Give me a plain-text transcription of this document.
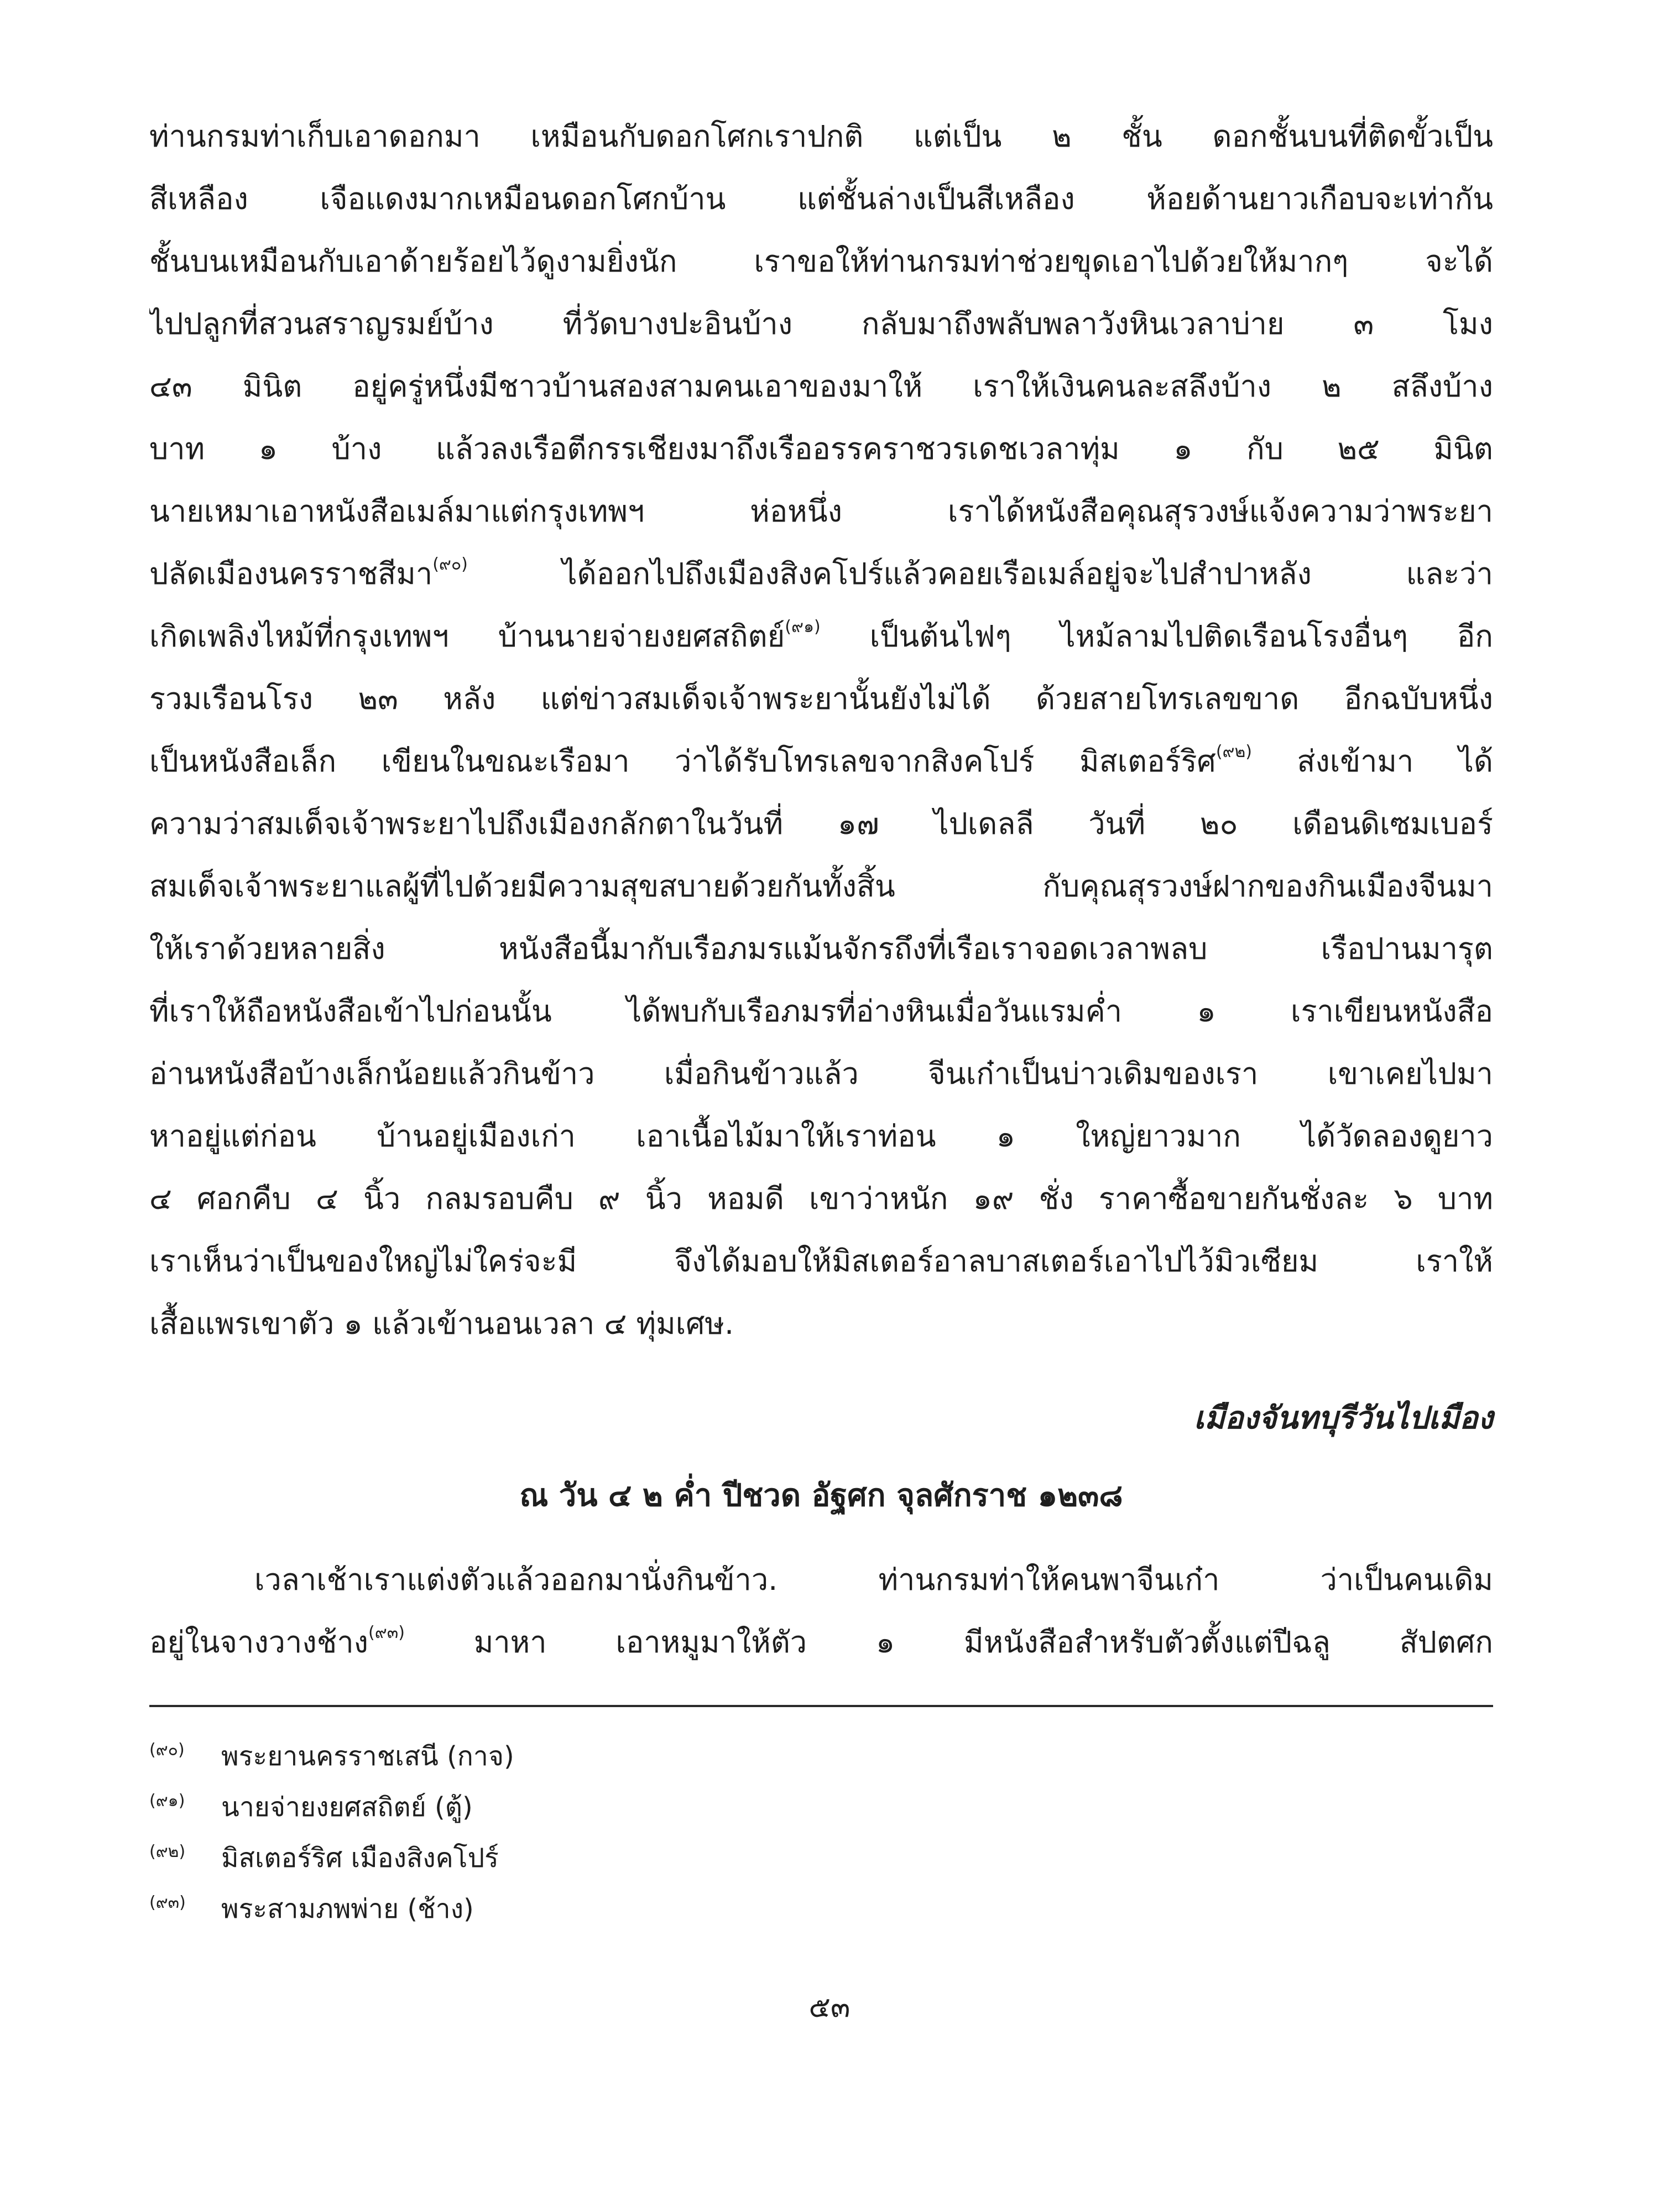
ท่านกรมท่าเก็บเอาดอกมา เหมือนกับดอกโศกเราปกติ แต่เป็น ๒ ชั้น ดอกชั้นบนที่ติดขั้วเป็น
สีเหลือง เจือแดงมากเหมือนดอกโศกบ้าน แต่ชั้นล่างเป็นสีเหลือง ห้อยด้านยาวเกือบจะเท่ากัน
ชั้นบนเหมือนกับเอาด้ายร้อยไว้ดูงามยิ่งนัก เราขอให้ท่านกรมท่าช่วยขุดเอาไปด้วยให้มากๆ จะได้
ไปปลูกที่สวนสราญรมย์บ้าง ที่วัดบางปะอินบ้าง กลับมาถึงพลับพลาวังหินเวลาบ่าย ๓ โมง
๔๓ มินิต อยู่ครู่หนึ่งมีชาวบ้านสองสามคนเอาของมาให้ เราให้เงินคนละสลึงบ้าง ๒ สลึงบ้าง
บาท ๑ บ้าง แล้วลงเรือตีกรรเชียงมาถึงเรืออรรคราชวรเดชเวลาทุ่ม ๑ กับ ๒๕ มินิต
นายเหมาเอาหนังสือเมล์มาแต่กรุงเทพฯ ห่อหนึ่ง เราได้หนังสือคุณสุรวงษ์แจ้งความว่าพระยา
ปลัดเมืองนครราชสีมา$^{(๙๐)}$ ได้ออกไปถึงเมืองสิงคโปร์แล้วคอยเรือเมล์อยู่จะไปสำปาหลัง และว่า
เกิดเพลิงไหม้ที่กรุงเทพฯ บ้านนายจ่ายงยศสถิตย์$^{(๙๑)}$ เป็นต้นไฟๆ ไหม้ลามไปติดเรือนโรงอื่นๆ อีก
รวมเรือนโรง ๒๓ หลัง แต่ข่าวสมเด็จเจ้าพระยานั้นยังไม่ได้ ด้วยสายโทรเลขขาด อีกฉบับหนึ่ง
เป็นหนังสือเล็ก เขียนในขณะเรือมา ว่าได้รับโทรเลขจากสิงคโปร์ มิสเตอร์ริศ$^{(๙๒)}$ ส่งเข้ามา ได้
ความว่าสมเด็จเจ้าพระยาไปถึงเมืองกลักตาในวันที่ ๑๗ ไปเดลลี วันที่ ๒๐ เดือนดิเซมเบอร์
สมเด็จเจ้าพระยาแลผู้ที่ไปด้วยมีความสุขสบายด้วยกันทั้งสิ้น กับคุณสุรวงษ์ฝากของกินเมืองจีนมา
ให้เราด้วยหลายสิ่ง หนังสือนี้มากับเรือภมรแม้นจักรถึงที่เรือเราจอดเวลาพลบ เรือปานมารุต
ที่เราให้ถือหนังสือเข้าไปก่อนนั้น ได้พบกับเรือภมรที่อ่างหินเมื่อวันแรมค่ำ ๑ เราเขียนหนังสือ
อ่านหนังสือบ้างเล็กน้อยแล้วกินข้าว เมื่อกินข้าวแล้ว จีนเก๋าเป็นบ่าวเดิมของเรา เขาเคยไปมา
หาอยู่แต่ก่อน บ้านอยู่เมืองเก่า เอาเนื้อไม้มาให้เราท่อน ๑ ใหญ่ยาวมาก ได้วัดลองดูยาว
๔ ศอกคืบ ๔ นิ้ว กลมรอบคืบ ๙ นิ้ว หอมดี เขาว่าหนัก ๑๙ ชั่ง ราคาซื้อขายกันชั่งละ ๖ บาท
เราเห็นว่าเป็นของใหญ่ไม่ใคร่จะมี จึงได้มอบให้มิสเตอร์อาลบาสเตอร์เอาไปไว้มิวเซียม เราให้
เสื้อแพรเขาตัว ๑ แล้วเข้านอนเวลา ๔ ทุ่มเศษ.
เมืองจันทบุรีวันไปเมือง
ณ วัน ๔ ๒ ค่ำ ปีชวด อัฐศก จุลศักราช ๑๒๓๘
เวลาเช้าเราแต่งตัวแล้วออกมานั่งกินข้าว. ท่านกรมท่าให้คนพาจีนเก๋า ว่าเป็นคนเดิม
อยู่ในจางวางช้าง$^{(๙๓)}$ มาหา เอาหมูมาให้ตัว ๑ มีหนังสือสำหรับตัวตั้งแต่ปีฉลู สัปตศก
(๙๐) พระยานครราชเสนี (กาจ)
(๙๑) นายจ่ายงยศสถิตย์ (ตู้)
(๙๒) มิสเตอร์ริศ เมืองสิงคโปร์
(๙๓) พระสามภพพ่าย (ช้าง)
๕๓
